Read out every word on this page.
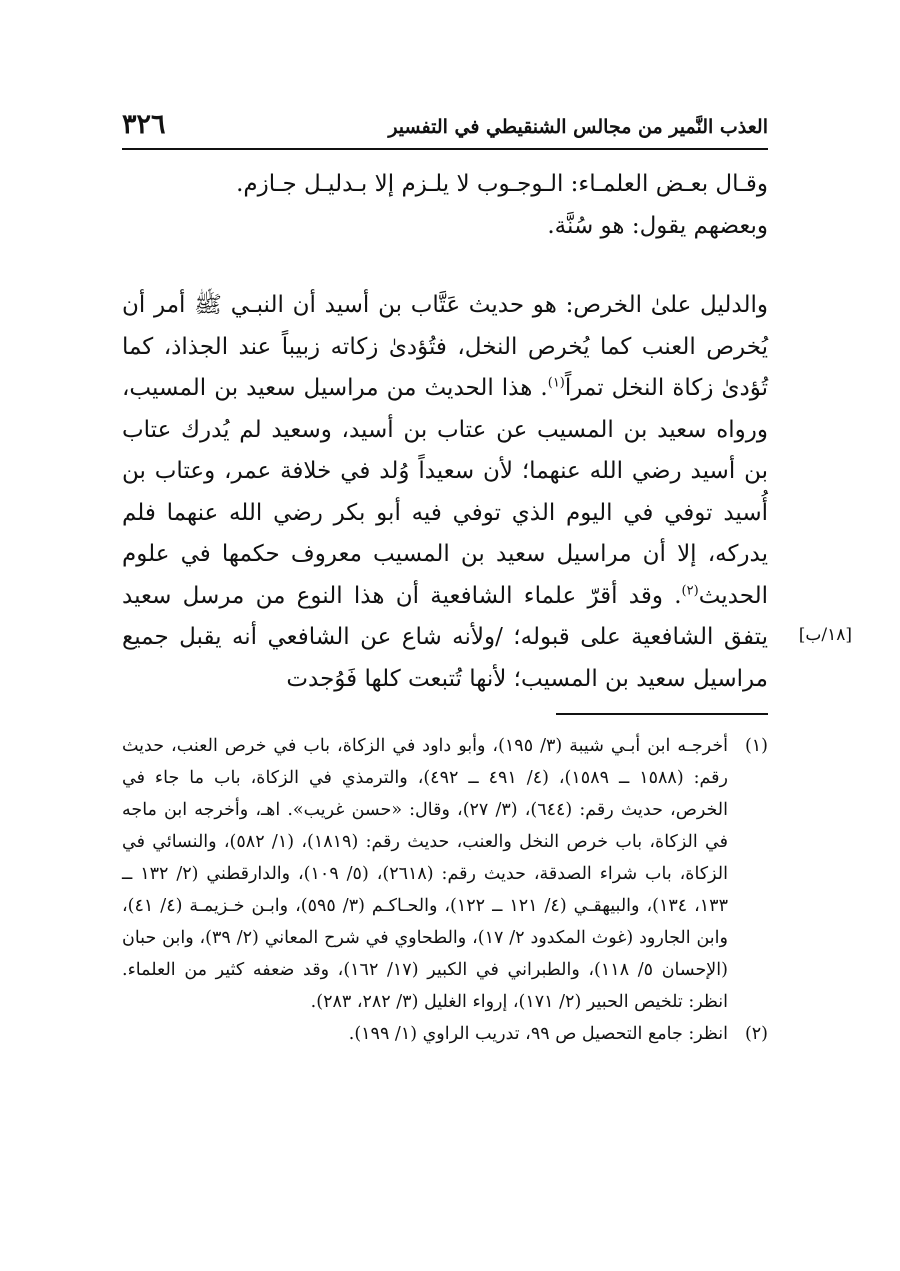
٣٢٦	العذب النَّمير من مجالس الشنقيطي في التفسير

وقـال بعـض العلمـاء: الـوجـوب لا يلـزم إلا بـدليـل جـازم.

وبعضهم يقول: هو سُنَّة.

والدليل علىٰ الخرص: هو حديث عَتَّاب بن أسيد أن النبـي ﷺ أمر أن يُخرص العنب كما يُخرص النخل، فتُؤدىٰ زكاته زبيباً عند الجذاذ، كما تُؤدىٰ زكاة النخل تمراً$^{(١)}$. هذا الحديث من مراسيل سعيد بن المسيب، ورواه سعيد بن المسيب عن عتاب بن أسيد، وسعيد لم يُدرك عتاب بن أسيد رضي الله عنهما؛ لأن سعيداً وُلد في خلافة عمر، وعتاب بن أُسيد توفي في اليوم الذي توفي فيه أبو بكر رضي الله عنهما فلم يدركه، إلا أن مراسيل سعيد بن المسيب معروف حكمها في علوم الحديث$^{(٢)}$. وقد أقرّ علماء الشافعية أن هذا النوع من مرسل سعيد يتفق الشافعية على قبوله؛ /ولأنه شاع عن الشافعي أنه يقبل جميع مراسيل سعيد بن المسيب؛ لأنها تُتبعت كلها فَوُجدت

[١٨/ب]

(١)
أخرجـه ابن أبـي شيبة (٣/ ١٩٥)، وأبو داود في الزكاة، باب في خرص العنب، حديث رقم: (١٥٨٨ ــ ١٥٨٩)، (٤/ ٤٩١ ــ ٤٩٢)، والترمذي في الزكاة، باب ما جاء في الخرص، حديث رقم: (٦٤٤)، (٣/ ٢٧)، وقال: «حسن غريب». اهـ، وأخرجه ابن ماجه في الزكاة، باب خرص النخل والعنب، حديث رقم: (١٨١٩)، (١/ ٥٨٢)، والنسائي في الزكاة، باب شراء الصدقة، حديث رقم: (٢٦١٨)، (٥/ ١٠٩)، والدارقطني (٢/ ١٣٢ ــ ١٣٣، ١٣٤)، والبيهقـي (٤/ ١٢١ ــ ١٢٢)، والحـاكـم (٣/ ٥٩٥)، وابـن خـزيمـة (٤/ ٤١)، وابن الجارود (غوث المكدود ٢/ ١٧)، والطحاوي في شرح المعاني (٢/ ٣٩)، وابن حبان (الإحسان ٥/ ١١٨)، والطبراني في الكبير (١٧/ ١٦٢)، وقد ضعفه كثير من العلماء. انظر: تلخيص الحبير (٢/ ١٧١)، إرواء الغليل (٣/ ٢٨٢، ٢٨٣).

(٢)
انظر: جامع التحصيل ص ٩٩، تدريب الراوي (١/ ١٩٩).
